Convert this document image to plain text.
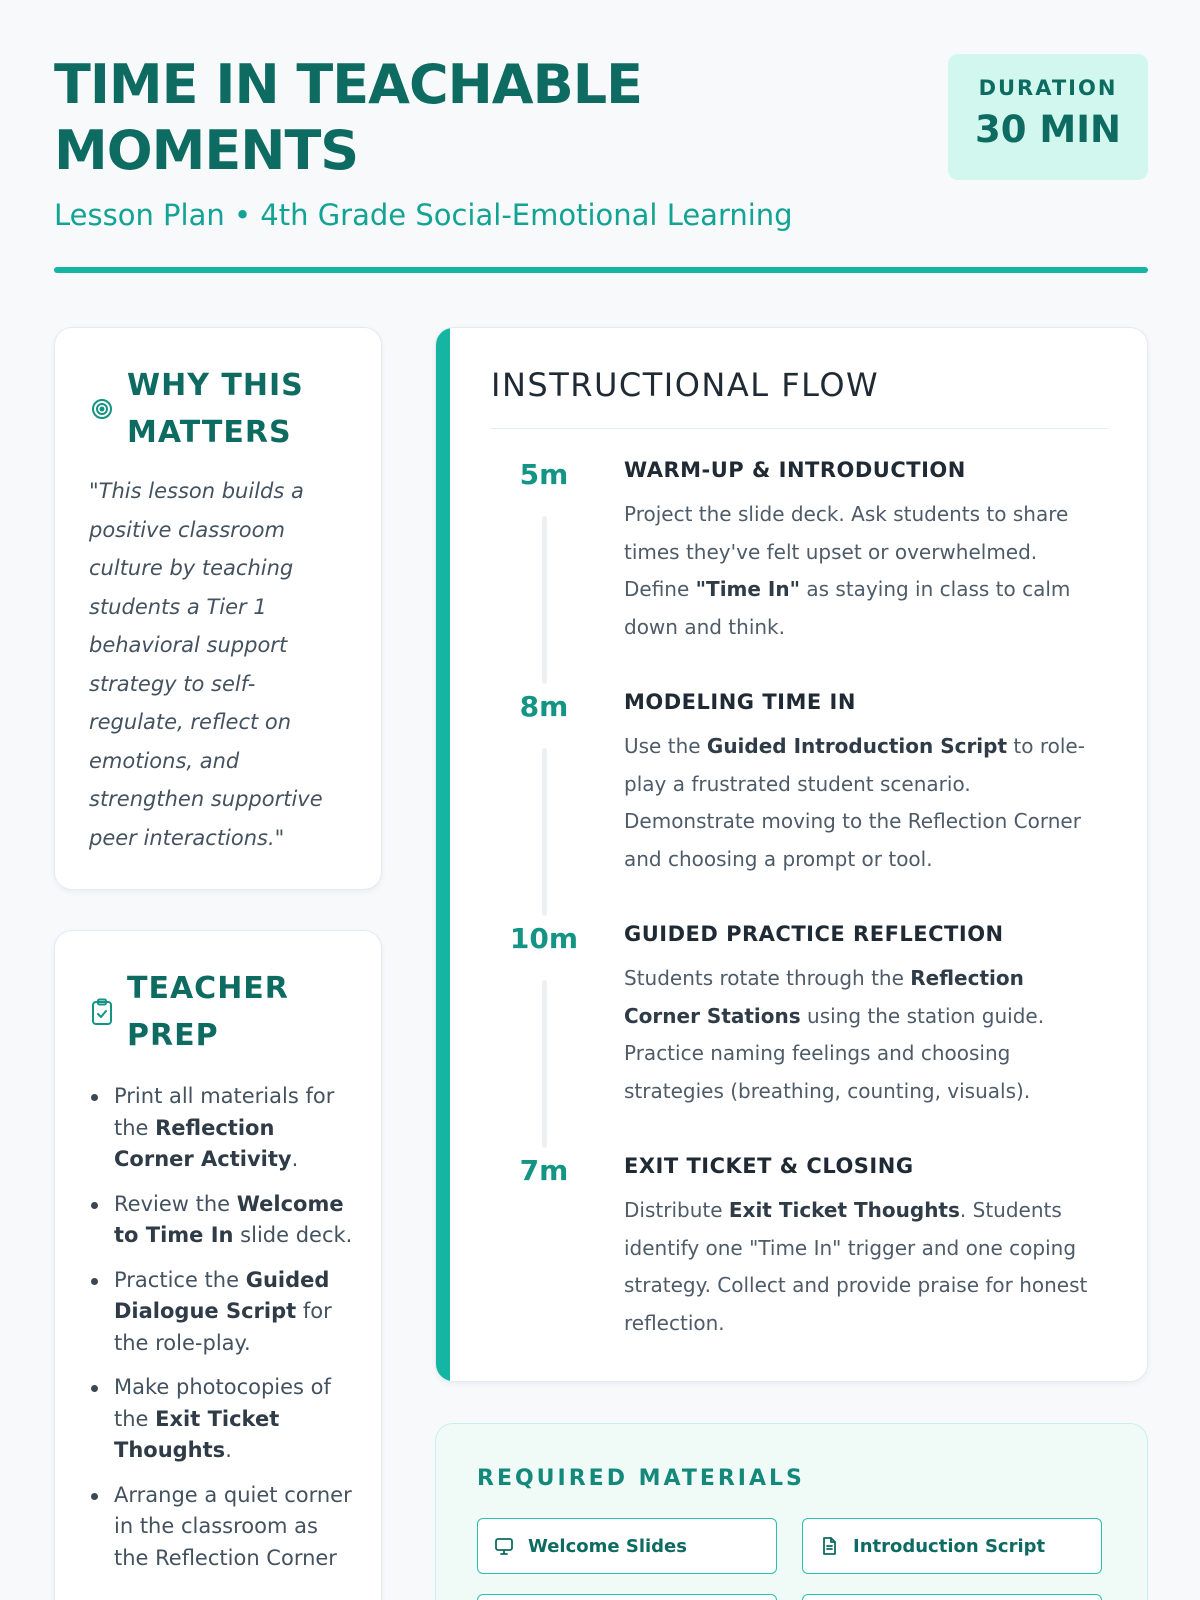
TIME IN TEACHABLE MOMENTS
Lesson Plan • 4th Grade Social-Emotional Learning
DURATION
30 MIN
WHY THIS MATTERS
"This lesson builds a positive classroom culture by teaching students a Tier 1 behavioral support strategy to self-regulate, reflect on emotions, and strengthen supportive peer interactions."
TEACHER PREP
Print all materials for the Reflection Corner Activity.
Review the Welcome to Time In slide deck.
Practice the Guided Dialogue Script for the role-play.
Make photocopies of the Exit Ticket Thoughts.
Arrange a quiet corner in the classroom as the Reflection Corner
INSTRUCTIONAL FLOW
5m	WARM-UP & INTRODUCTION
Project the slide deck. Ask students to share times they've felt upset or overwhelmed. Define "Time In" as staying in class to calm down and think.
8m	MODELING TIME IN
Use the Guided Introduction Script to role-play a frustrated student scenario. Demonstrate moving to the Reflection Corner and choosing a prompt or tool.
10m	GUIDED PRACTICE REFLECTION
Students rotate through the Reflection Corner Stations using the station guide. Practice naming feelings and choosing strategies (breathing, counting, visuals).
7m	EXIT TICKET & CLOSING
Distribute Exit Ticket Thoughts. Students identify one "Time In" trigger and one coping strategy. Collect and provide praise for honest reflection.
REQUIRED MATERIALS
Welcome Slides	Introduction Script
